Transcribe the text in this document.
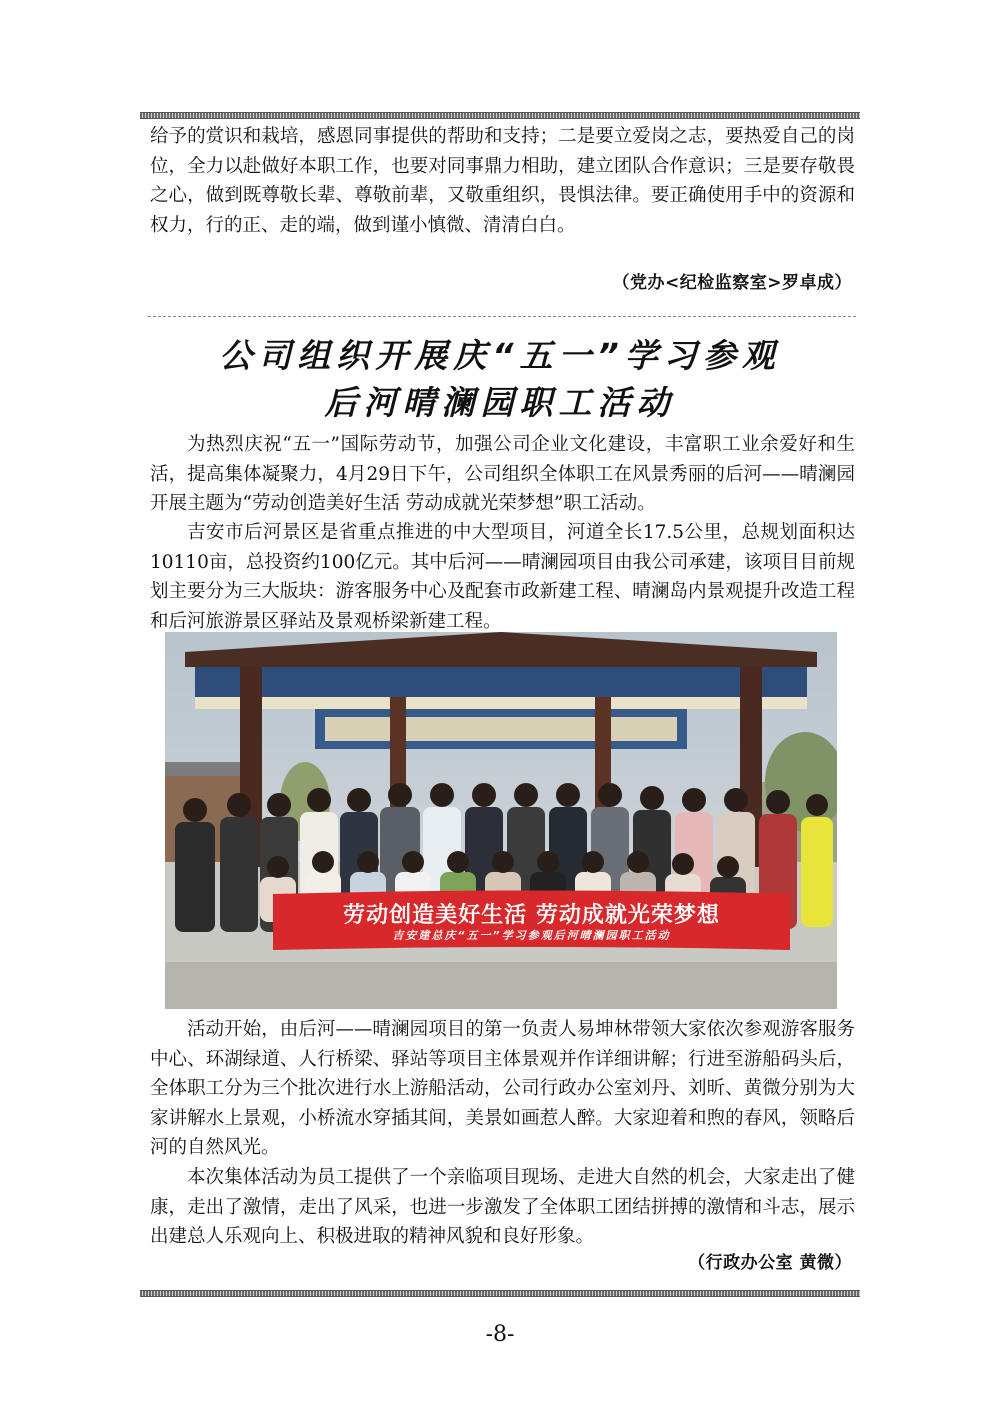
给予的赏识和栽培，感恩同事提供的帮助和支持；二是要立爱岗之志，要热爱自己的岗位，全力以赴做好本职工作，也要对同事鼎力相助，建立团队合作意识；三是要存敬畏之心，做到既尊敬长辈、尊敬前辈，又敬重组织，畏惧法律。要正确使用手中的资源和权力，行的正、走的端，做到谨小慎微、清清白白。

（党办<纪检监察室>罗卓成）
公司组织开展庆“五一”学习参观
后河晴澜园职工活动

为热烈庆祝“五一”国际劳动节，加强公司企业文化建设，丰富职工业余爱好和生活，提高集体凝聚力，4月29日下午，公司组织全体职工在风景秀丽的后河——晴澜园开展主题为“劳动创造美好生活 劳动成就光荣梦想”职工活动。

吉安市后河景区是省重点推进的中大型项目，河道全长17.5公里，总规划面积达10110亩，总投资约100亿元。其中后河——晴澜园项目由我公司承建，该项目目前规划主要分为三大版块：游客服务中心及配套市政新建工程、晴澜岛内景观提升改造工程和后河旅游景区驿站及景观桥梁新建工程。

劳动创造美好生活 劳动成就光荣梦想
吉安建总庆“五一”学习参观后河晴澜园职工活动

活动开始，由后河——晴澜园项目的第一负责人易坤林带领大家依次参观游客服务中心、环湖绿道、人行桥梁、驿站等项目主体景观并作详细讲解；行进至游船码头后，全体职工分为三个批次进行水上游船活动，公司行政办公室刘丹、刘昕、黄微分别为大家讲解水上景观，小桥流水穿插其间，美景如画惹人醉。大家迎着和煦的春风，领略后河的自然风光。

本次集体活动为员工提供了一个亲临项目现场、走进大自然的机会，大家走出了健康，走出了激情，走出了风采，也进一步激发了全体职工团结拼搏的激情和斗志，展示出建总人乐观向上、积极进取的精神风貌和良好形象。

（行政办公室 黄微）
-8-
